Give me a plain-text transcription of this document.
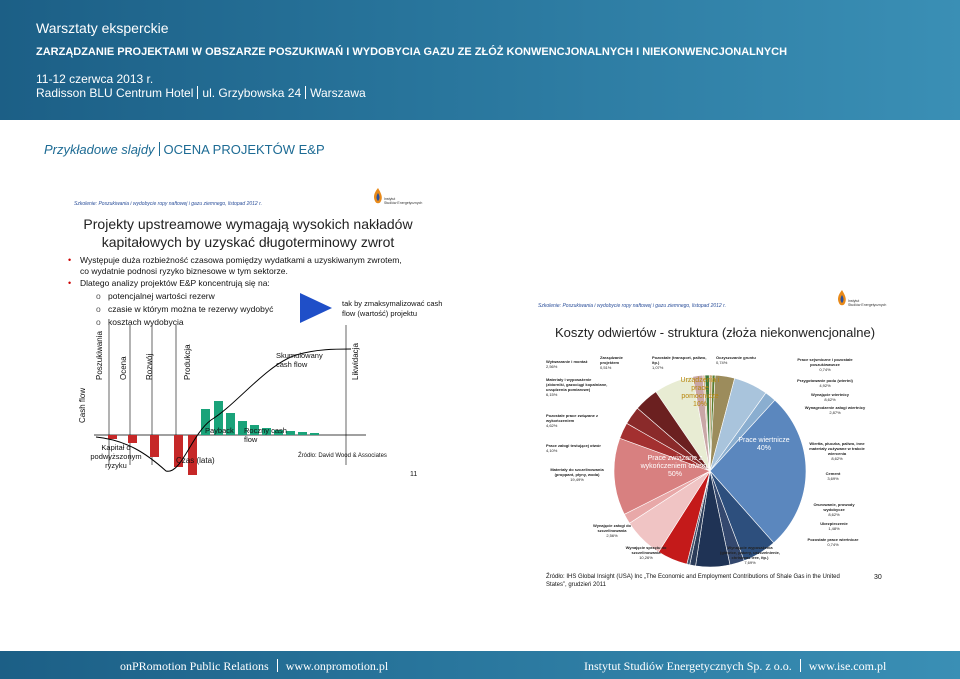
Warsztaty eksperckie
ZARZĄDZANIE PROJEKTAMI W OBSZARZE POSZUKIWAŃ I WYDOBYCIA GAZU ZE ZŁÓŻ KONWENCJONALNYCH I NIEKONWENCJONALNYCH
11-12 czerwca 2013 r.
Radisson BLU Centrum Hotel ul. Grzybowska 24 Warszawa
Przykładowe slajdy OCENA PROJEKTÓW E&P
Szkolenie: Poszukiwania i wydobycie ropy naftowej i gazu ziemnego, listopad 2012 r.
Instytut
Studiów Energetycznych
Projekty upstreamowe wymagają wysokich nakładów kapitałowych by uzyskać długoterminowy zwrot
• Występuje duża rozbieżność czasowa pomiędzy wydatkami a uzyskiwanym zwrotem, co wydatnie podnosi ryzyko biznesowe w tym sektorze.
• Dlatego analizy projektów E&P koncentrują się na:
o potencjalnej wartości rezerw
o czasie w którym można te rezerwy wydobyć
o kosztach wydobycia
tak by zmaksymalizować cash flow (wartość) projektu
Cash flow
Poszukiwania Ocena Rozwój	Produkcja	Likwidacja
Skumulowany cash flow
Payback Roczny cash flow
Kapitał o podwyższonym ryzyku
Czas (lata)	Źródło: David Wood & Associates
11
Szkolenie: Poszukiwania i wydobycie ropy naftowej i gazu ziemnego, listopad 2012 r.
Instytut
Studiów Energetycznych
Koszty odwiertów - struktura (złoża niekonwencjonalne)
Urządzenia i prace pomocnicze 10%
Prace wiertnicze 40%
Prace związane z wykończeniem otworu 50%
Wytwarzanie i montaż
2,56%
Zarządzanie projektem
0,51%
Pozostałe (transport, paliwo, itp.)
1,07%
Oczyszczanie gruntu
0,74%
Prace sejsmiczne i pozostałe poszukiwawcze
0,74%
Przygotowanie podu (wiertni)
4,92%
Wynajęcie wiertnicy
8,62%
Wynagrodzenie załogi wiertnicy
2,87%
Wiertła, płuczka, paliwo, inne materiały zużywane w trakcie wiercenia
8,62%
Cement
3,69%
Orurowanie, prowody wydobycze
8,62%
Ubezpieczenie
1,48%
Pozostałe prace wiertnicze
0,74%
Wynajęcie wyposażenia (głowice, pakery, uszczelnienie, christmas tree, itp.)
7,69%
Wynajęcie sprzętu do szczelinowania
10,26%
Wynajęcie załogi do szczelinowania
2,56%
Materiały do szczelinowania (proppant, płyny, woda)
19,49%
Prace załogi testującej otwór
4,10%
Pozostałe prace związane z wykończeniem
4,62%
Materiały i wyposażenie (zbiorniki, gazociągi kopalniane, urządzenia pomiarowe)
6,15%
Źródło: IHS Global Insight (USA) Inc „The Economic and Employment Contributions of Shale Gas in the United States”, grudzień 2011
30
onPRomotion Public Relations www.onpromotion.pl	Instytut Studiów Energetycznych Sp. z o.o. www.ise.com.pl
